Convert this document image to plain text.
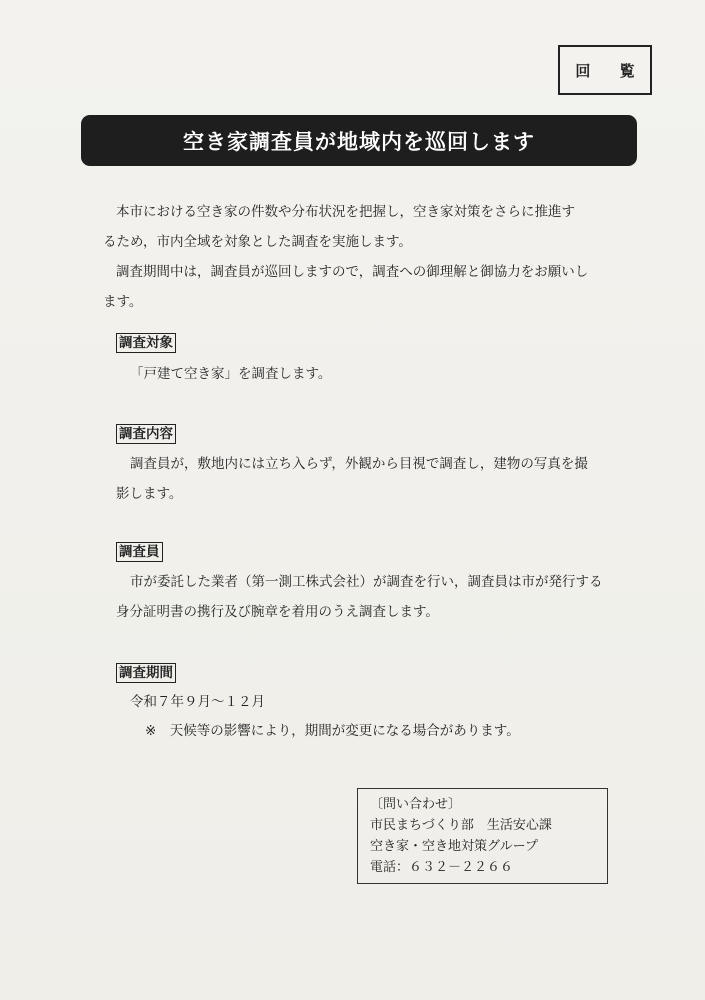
回 覧
空き家調査員が地域内を巡回します

本市における空き家の件数や分布状況を把握し，空き家対策をさらに推進す

るため，市内全域を対象とした調査を実施します。

調査期間中は，調査員が巡回しますので，調査への御理解と御協力をお願いし

ます。

調査対象

「戸建て空き家」を調査します。

調査内容

調査員が，敷地内には立ち入らず，外観から目視で調査し，建物の写真を撮

影します。

調査員

市が委託した業者（第一測工株式会社）が調査を行い，調査員は市が発行する

身分証明書の携行及び腕章を着用のうえ調査します。

調査期間

令和７年９月～１２月

※　天候等の影響により，期間が変更になる場合があります。

〔問い合わせ〕
市民まちづくり部　生活安心課
空き家・空き地対策グループ
電話：６３２－２２６６
